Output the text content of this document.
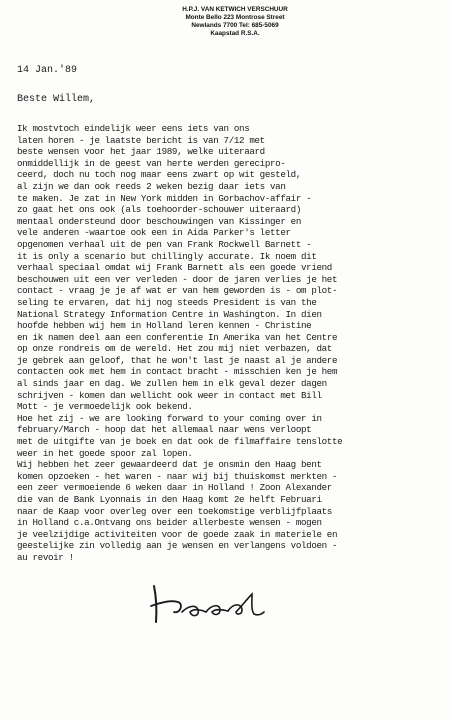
H.P.J. VAN KETWICH VERSCHUUR
Monte Bello 223 Montrose Street
Newlands 7700 Tel: 685-5069
Kaapstad R.S.A.
14 Jan.'89
Beste Willem,
Ik mostvtoch eindelijk weer eens iets van ons
laten horen - je laatste bericht is van 7/12 met
beste wensen voor het jaar 1989, welke uiteraard
onmiddellijk in de geest van herte werden gerecipro-
ceerd, doch nu toch nog maar eens zwart op wit gesteld,
al zijn we dan ook reeds 2 weken bezig daar iets van
te maken. Je zat in New York midden in Gorbachov-affair -
zo gaat het ons ook (als toehoorder-schouwer uiteraard)
mentaal ondersteund door beschouwingen van Kissinger en
vele anderen -waartoe ook een in Aida Parker's letter
opgenomen verhaal uit de pen van Frank Rockwell Barnett -
it is only a scenario but chillingly accurate. Ik noem dit
verhaal speciaal omdat wij Frank Barnett als een goede vriend
beschouwen uit een ver verleden - door de jaren verlies je het
contact - vraag je je af wat er van hem geworden is - om plot-
seling te ervaren, dat hij nog steeds President is van the
National Strategy Information Centre in Washington. In dien
hoofde hebben wij hem in Holland leren kennen - Christine
en ik namen deel aan een conferentie In Amerika van het Centre
op onze rondreis om de wereld. Het zou mij niet verbazen, dat
je gebrek aan geloof, that he won't last je naast al je andere
contacten ook met hem in contact bracht - misschien ken je hem
al sinds jaar en dag. We zullen hem in elk geval dezer dagen
schrijven - komen dan wellicht ook weer in contact met Bill
Mott - je vermoedelijk ook bekend.
Hoe het zij - we are looking forward to your coming over in
february/March - hoop dat het allemaal naar wens verloopt
met de uitgifte van je boek en dat ook de filmaffaire tenslotte
weer in het goede spoor zal lopen.
Wij hebben het zeer gewaardeerd dat je onsmin den Haag bent
komen opzoeken - het waren - naar wij bij thuiskomst merkten -
een zeer vermoeiende 6 weken daar in Holland ! Zoon Alexander
die van de Bank Lyonnais in den Haag komt 2e helft Februari
naar de Kaap voor overleg over een toekomstige verblijfplaats
in Holland c.a.Ontvang ons beider allerbeste wensen - mogen
je veelzijdige activiteiten voor de goede zaak in materiele en
geestelijke zin volledig aan je wensen en verlangens voldoen -
au revoir !
